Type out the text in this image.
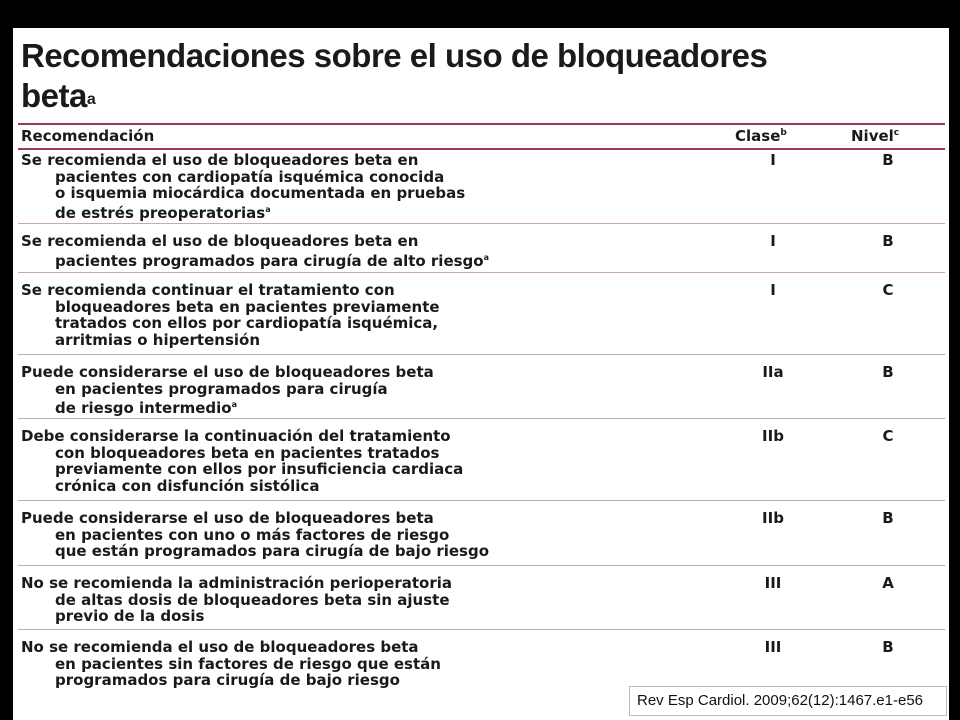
Recomendaciones sobre el uso de bloqueadores
beta$^a$
Recomendación	Clase$^b$	Nivel$^c$
Se recomienda el uso de bloqueadores beta en
pacientes con cardiopatía isquémica conocida
o isquemia miocárdica documentada en pruebas
de estrés preoperatorias$^a$
I	B
Se recomienda el uso de bloqueadores beta en
pacientes programados para cirugía de alto riesgo$^a$
I	B
Se recomienda continuar el tratamiento con
bloqueadores beta en pacientes previamente
tratados con ellos por cardiopatía isquémica,
arritmias o hipertensión
I	C
Puede considerarse el uso de bloqueadores beta
en pacientes programados para cirugía
de riesgo intermedio$^a$
IIa	B
Debe considerarse la continuación del tratamiento
con bloqueadores beta en pacientes tratados
previamente con ellos por insuficiencia cardiaca
crónica con disfunción sistólica
IIb	C
Puede considerarse el uso de bloqueadores beta
en pacientes con uno o más factores de riesgo
que están programados para cirugía de bajo riesgo
IIb	B
No se recomienda la administración perioperatoria
de altas dosis de bloqueadores beta sin ajuste
previo de la dosis
III	A
No se recomienda el uso de bloqueadores beta
en pacientes sin factores de riesgo que están
programados para cirugía de bajo riesgo
III	B
Rev Esp Cardiol. 2009;62(12):1467.e1-e56
